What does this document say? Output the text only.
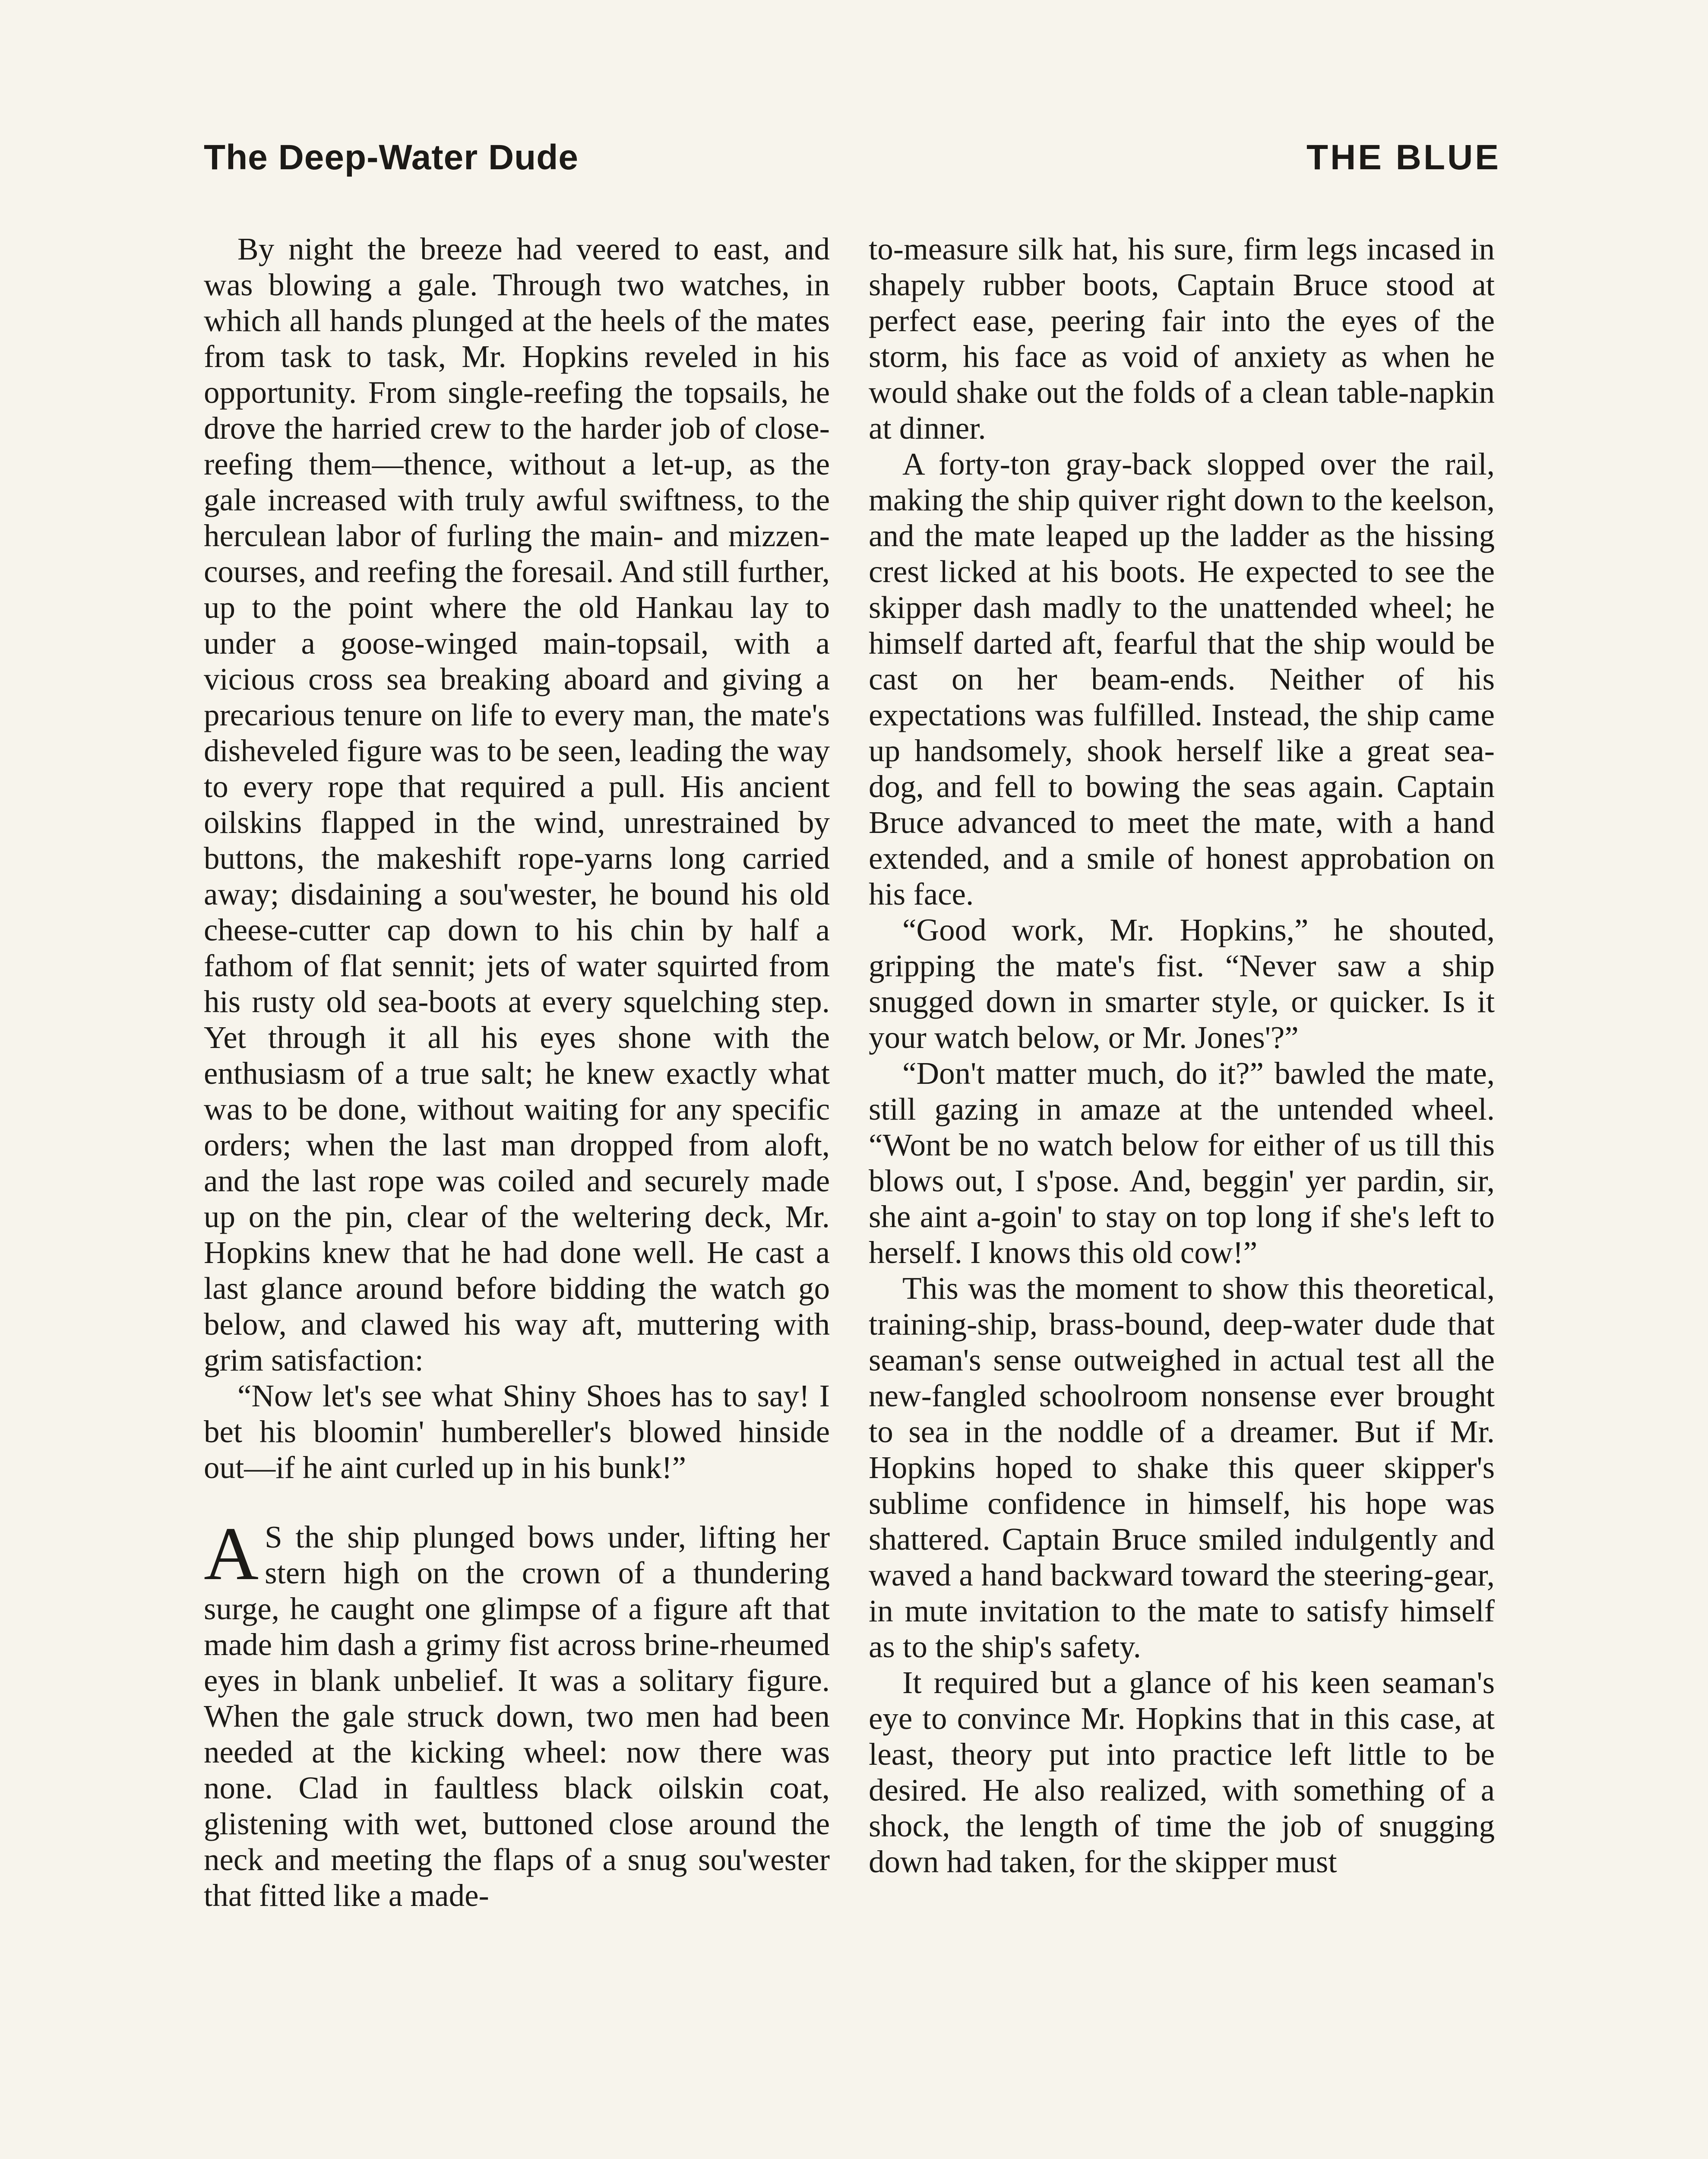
The Deep-Water Dude	THE BLUE

By night the breeze had veered to east, and was blowing a gale. Through two watches, in which all hands plunged at the heels of the mates from task to task, Mr. Hopkins reveled in his opportunity. From single-reefing the topsails, he drove the harried crew to the harder job of close-reefing them—thence, without a let-up, as the gale increased with truly awful swiftness, to the herculean labor of furling the main- and mizzen-courses, and reefing the foresail. And still further, up to the point where the old Hankau lay to under a goose-winged main-topsail, with a vicious cross sea breaking aboard and giving a precarious tenure on life to every man, the mate's disheveled figure was to be seen, leading the way to every rope that required a pull. His ancient oilskins flapped in the wind, unrestrained by buttons, the makeshift rope-yarns long carried away; disdaining a sou'wester, he bound his old cheese-cutter cap down to his chin by half a fathom of flat sennit; jets of water squirted from his rusty old sea-boots at every squelching step. Yet through it all his eyes shone with the enthusiasm of a true salt; he knew exactly what was to be done, without waiting for any specific orders; when the last man dropped from aloft, and the last rope was coiled and securely made up on the pin, clear of the weltering deck, Mr. Hopkins knew that he had done well. He cast a last glance around before bidding the watch go below, and clawed his way aft, muttering with grim satisfaction:

“Now let's see what Shiny Shoes has to say! I bet his bloomin' humbereller's blowed hinside out—if he aint curled up in his bunk!”

A S the ship plunged bows under, lifting her stern high on the crown of a thundering surge, he caught one glimpse of a figure aft that made him dash a grimy fist across brine-rheumed eyes in blank unbelief. It was a solitary figure. When the gale struck down, two men had been needed at the kicking wheel: now there was none. Clad in faultless black oilskin coat, glistening with wet, buttoned close around the neck and meeting the flaps of a snug sou'wester that fitted like a made-

to-measure silk hat, his sure, firm legs incased in shapely rubber boots, Captain Bruce stood at perfect ease, peering fair into the eyes of the storm, his face as void of anxiety as when he would shake out the folds of a clean table-napkin at dinner.

A forty-ton gray-back slopped over the rail, making the ship quiver right down to the keelson, and the mate leaped up the ladder as the hissing crest licked at his boots. He expected to see the skipper dash madly to the unattended wheel; he himself darted aft, fearful that the ship would be cast on her beam-ends. Neither of his expectations was fulfilled. Instead, the ship came up handsomely, shook herself like a great sea-dog, and fell to bowing the seas again. Captain Bruce advanced to meet the mate, with a hand extended, and a smile of honest approbation on his face.

“Good work, Mr. Hopkins,” he shouted, gripping the mate's fist. “Never saw a ship snugged down in smarter style, or quicker. Is it your watch below, or Mr. Jones'?”

“Don't matter much, do it?” bawled the mate, still gazing in amaze at the untended wheel. “Wont be no watch below for either of us till this blows out, I s'pose. And, beggin' yer pardin, sir, she aint a-goin' to stay on top long if she's left to herself. I knows this old cow!”

This was the moment to show this theoretical, training-ship, brass-bound, deep-water dude that seaman's sense outweighed in actual test all the new-fangled schoolroom nonsense ever brought to sea in the noddle of a dreamer. But if Mr. Hopkins hoped to shake this queer skipper's sublime confidence in himself, his hope was shattered. Captain Bruce smiled indulgently and waved a hand backward toward the steering-gear, in mute invitation to the mate to satisfy himself as to the ship's safety.

It required but a glance of his keen seaman's eye to convince Mr. Hopkins that in this case, at least, theory put into practice left little to be desired. He also realized, with something of a shock, the length of time the job of snugging down had taken, for the skipper must
